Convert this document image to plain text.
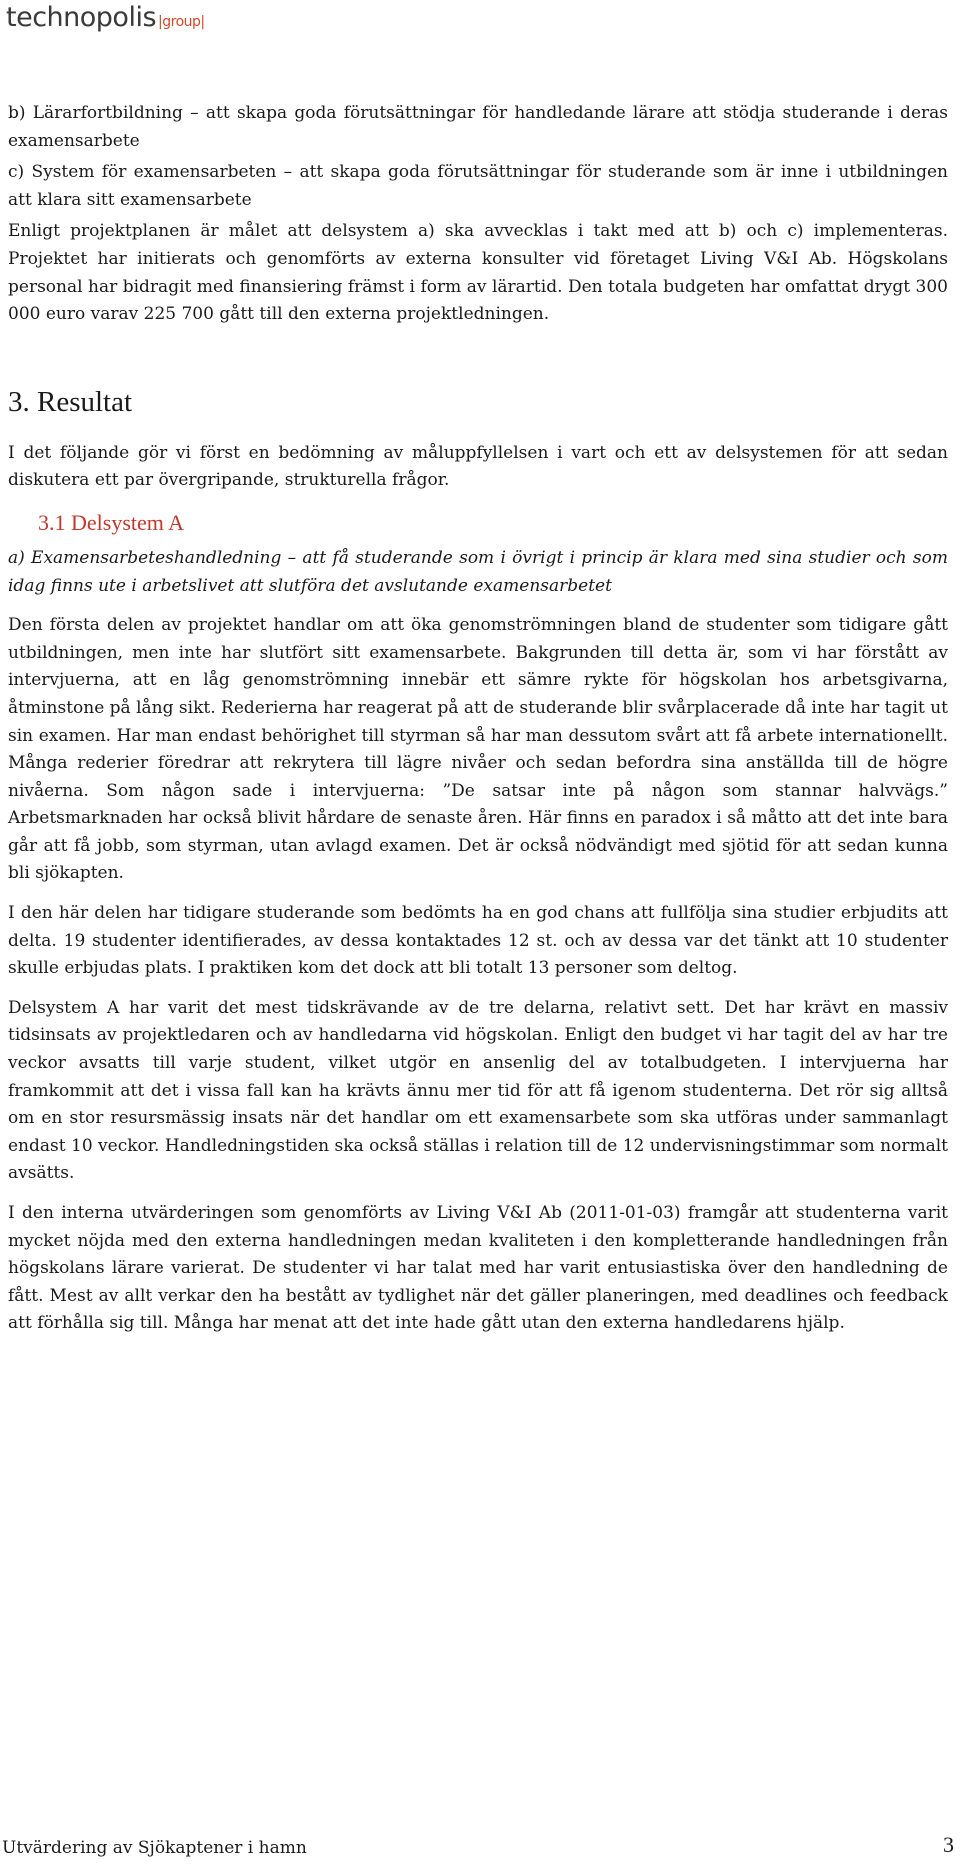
technopolis |group|

b) Lärarfortbildning – att skapa goda förutsättningar för handledande lärare att stödja studerande i deras examensarbete

c) System för examensarbeten – att skapa goda förutsättningar för studerande som är inne i utbildningen att klara sitt examensarbete

Enligt projektplanen är målet att delsystem a) ska avvecklas i takt med att b) och c) implementeras. Projektet har initierats och genomförts av externa konsulter vid företaget Living V&I Ab. Högskolans personal har bidragit med finansiering främst i form av lärartid. Den totala budgeten har omfattat drygt 300 000 euro varav 225 700 gått till den externa projektledningen.

3. Resultat

I det följande gör vi först en bedömning av måluppfyllelsen i vart och ett av delsystemen för att sedan diskutera ett par övergripande, strukturella frågor.

3.1 Delsystem A

a) Examensarbeteshandledning – att få studerande som i övrigt i princip är klara med sina studier och som idag finns ute i arbetslivet att slutföra det avslutande examensarbetet

Den första delen av projektet handlar om att öka genomströmningen bland de studenter som tidigare gått utbildningen, men inte har slutfört sitt examensarbete. Bakgrunden till detta är, som vi har förstått av intervjuerna, att en låg genomströmning innebär ett sämre rykte för högskolan hos arbetsgivarna, åtminstone på lång sikt. Rederierna har reagerat på att de studerande blir svårplacerade då inte har tagit ut sin examen. Har man endast behörighet till styrman så har man dessutom svårt att få arbete internationellt. Många rederier föredrar att rekrytera till lägre nivåer och sedan befordra sina anställda till de högre nivåerna. Som någon sade i intervjuerna: ”De satsar inte på någon som stannar halvvägs.” Arbetsmarknaden har också blivit hårdare de senaste åren. Här finns en paradox i så måtto att det inte bara går att få jobb, som styrman, utan avlagd examen. Det är också nödvändigt med sjötid för att sedan kunna bli sjökapten.

I den här delen har tidigare studerande som bedömts ha en god chans att fullfölja sina studier erbjudits att delta. 19 studenter identifierades, av dessa kontaktades 12 st. och av dessa var det tänkt att 10 studenter skulle erbjudas plats. I praktiken kom det dock att bli totalt 13 personer som deltog.

Delsystem A har varit det mest tidskrävande av de tre delarna, relativt sett. Det har krävt en massiv tidsinsats av projektledaren och av handledarna vid högskolan. Enligt den budget vi har tagit del av har tre veckor avsatts till varje student, vilket utgör en ansenlig del av totalbudgeten. I intervjuerna har framkommit att det i vissa fall kan ha krävts ännu mer tid för att få igenom studenterna. Det rör sig alltså om en stor resursmässig insats när det handlar om ett examensarbete som ska utföras under sammanlagt endast 10 veckor. Handledningstiden ska också ställas i relation till de 12 undervisningstimmar som normalt avsätts.

I den interna utvärderingen som genomförts av Living V&I Ab (2011-01-03) framgår att studenterna varit mycket nöjda med den externa handledningen medan kvaliteten i den kompletterande handledningen från högskolans lärare varierat. De studenter vi har talat med har varit entusiastiska över den handledning de fått. Mest av allt verkar den ha bestått av tydlighet när det gäller planeringen, med deadlines och feedback att förhålla sig till. Många har menat att det inte hade gått utan den externa handledarens hjälp.

Utvärdering av Sjökaptener i hamn	3
